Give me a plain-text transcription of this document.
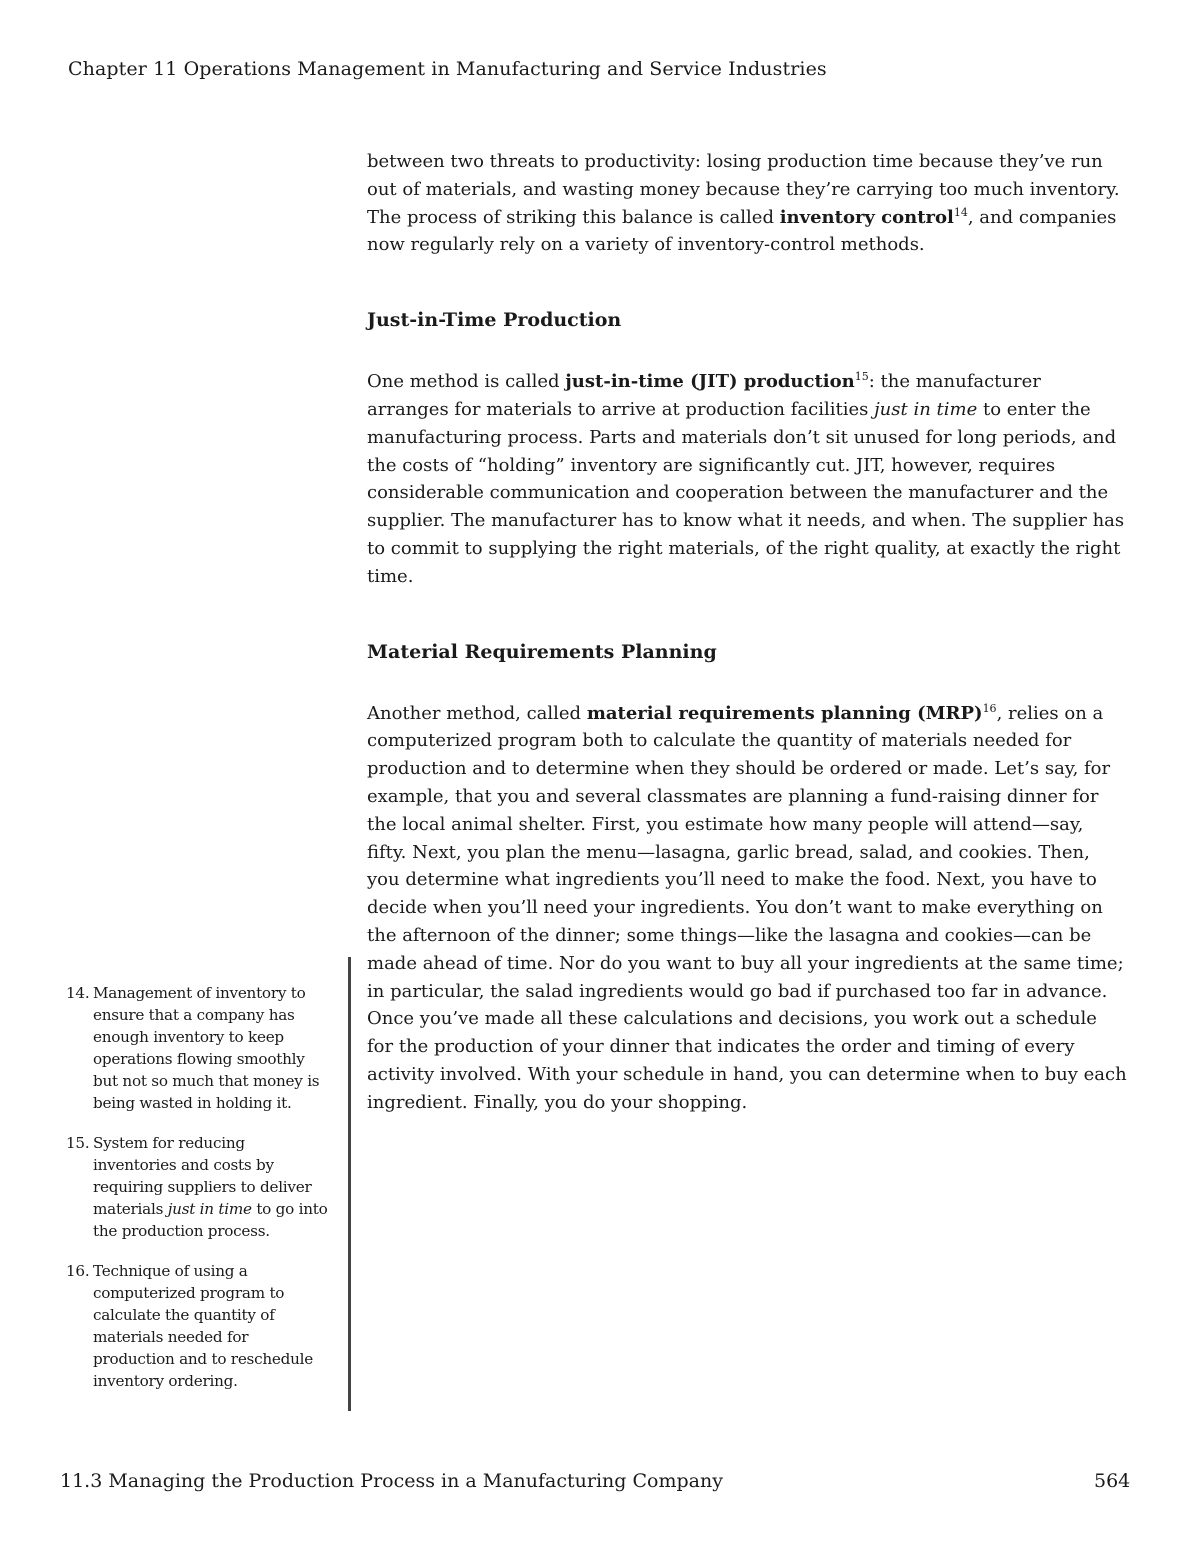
Chapter 11 Operations Management in Manufacturing and Service Industries

between two threats to productivity: losing production time because they’ve run out of materials, and wasting money because they’re carrying too much inventory. The process of striking this balance is called inventory control$^{14}$, and companies now regularly rely on a variety of inventory-control methods.

Just-in-Time Production

One method is called just-in-time (JIT) production$^{15}$: the manufacturer arranges for materials to arrive at production facilities just in time to enter the manufacturing process. Parts and materials don’t sit unused for long periods, and the costs of “holding” inventory are significantly cut. JIT, however, requires considerable communication and cooperation between the manufacturer and the supplier. The manufacturer has to know what it needs, and when. The supplier has to commit to supplying the right materials, of the right quality, at exactly the right time.

Material Requirements Planning

Another method, called material requirements planning (MRP)$^{16}$, relies on a computerized program both to calculate the quantity of materials needed for production and to determine when they should be ordered or made. Let’s say, for example, that you and several classmates are planning a fund-raising dinner for the local animal shelter. First, you estimate how many people will attend—say, fifty. Next, you plan the menu—lasagna, garlic bread, salad, and cookies. Then, you determine what ingredients you’ll need to make the food. Next, you have to decide when you’ll need your ingredients. You don’t want to make everything on the afternoon of the dinner; some things—like the lasagna and cookies—can be made ahead of time. Nor do you want to buy all your ingredients at the same time; in particular, the salad ingredients would go bad if purchased too far in advance. Once you’ve made all these calculations and decisions, you work out a schedule for the production of your dinner that indicates the order and timing of every activity involved. With your schedule in hand, you can determine when to buy each ingredient. Finally, you do your shopping.

14. Management of inventory to ensure that a company has enough inventory to keep operations flowing smoothly but not so much that money is being wasted in holding it.
15. System for reducing inventories and costs by requiring suppliers to deliver materials just in time to go into the production process.
16. Technique of using a computerized program to calculate the quantity of materials needed for production and to reschedule inventory ordering.
11.3 Managing the Production Process in a Manufacturing Company	564
